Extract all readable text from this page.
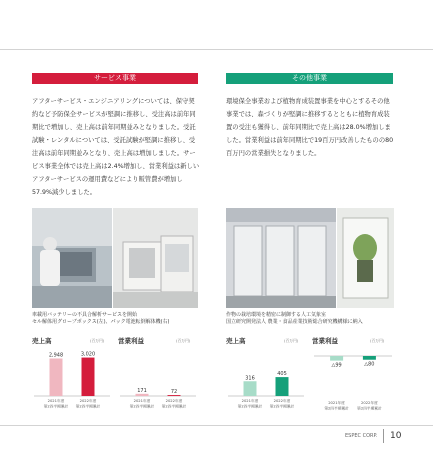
サービス事業	その他事業
アフターサービス・エンジニアリングについては、保守契約など予防保全サービスが堅調に推移し、受注高は前年同期比で増加し、売上高は前年同期並みとなりました。受託試験・レンタルについては、受託試験が堅調に推移し、受注高は前年同期並みとなり、売上高は増加しました。サービス事業全体では売上高は2.4%増加し、営業利益は新しいアフターサービスの運用費などにより販管費が増加し57.9%減少しました。
環境保全事業および植物育成装置事業を中心とするその他事業では、森づくりが堅調に推移するとともに植物育成装置の受注も獲得し、前年同期比で売上高は28.0%増加しました。営業利益は前年同期比で19百万円改善したものの80百万円の営業損失となりました。
車載用バッテリーの不具合解析サービスを開始
セル解体用グローブボックス(左)、パック電池転倒解体機(右)
作物の栽培環境を精密に制御する人工気象室
国立研究開発法人 農業・食品産業技術総合研究機構様に納入
売上高	(百万円)
2,948
2021年度
第2四半期累計
3,020
2022年度
第2四半期累計
営業利益	(百万円)
171
2021年度
第2四半期累計
72
2022年度
第2四半期累計
売上高	(百万円)
316
2021年度
第2四半期累計
405
2022年度
第2四半期累計
営業利益	(百万円)
△99
2021年度
第2四半期累計
△80
2022年度
第2四半期累計
ESPEC CORP. 10
